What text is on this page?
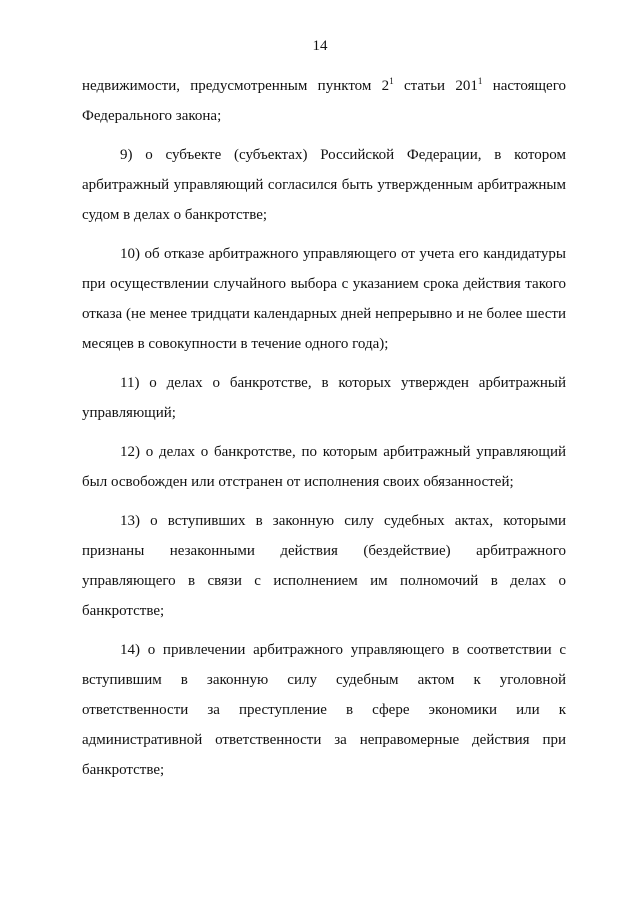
14

недвижимости, предусмотренным пунктом $2^1$ статьи $201^1$ настоящего Федерального закона;

9) о субъекте (субъектах) Российской Федерации, в котором арбитражный управляющий согласился быть утвержденным арбитражным судом в делах о банкротстве;

10) об отказе арбитражного управляющего от учета его кандидатуры при осуществлении случайного выбора с указанием срока действия такого отказа (не менее тридцати календарных дней непрерывно и не более шести месяцев в совокупности в течение одного года);

11) о делах о банкротстве, в которых утвержден арбитражный управляющий;

12) о делах о банкротстве, по которым арбитражный управляющий был освобожден или отстранен от исполнения своих обязанностей;

13) о вступивших в законную силу судебных актах, которыми признаны незаконными действия (бездействие) арбитражного управляющего в связи с исполнением им полномочий в делах о банкротстве;

14) о привлечении арбитражного управляющего в соответствии с вступившим в законную силу судебным актом к уголовной ответственности за преступление в сфере экономики или к административной ответственности за неправомерные действия при банкротстве;
